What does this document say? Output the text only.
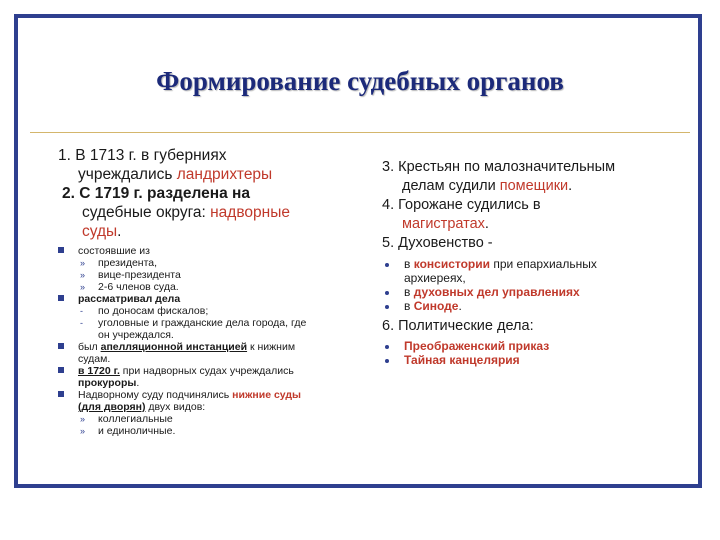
Формирование судебных органов
1. В 1713 г. в губерниях
учреждались ландрихтеры
2. С 1719 г. разделена на
судебные округа: надворные
суды.
состоявшие из
» президента,
» вице-президента
» 2-6 членов суда.
рассматривал дела
- по доносам фискалов;
- уголовные и гражданские дела города, где
он учреждался.
был апелляционной инстанцией к нижним
судам.
в 1720 г. при надворных судах учреждались
прокуроры.
Надворному суду подчинялись нижние суды
(для дворян) двух видов:
» коллегиальные
» и единоличные.
3. Крестьян по малозначительным
делам судили помещики.
4. Горожане судились в
магистратах.
5. Духовенство -
в консистории при епархиальных
архиереях,
в духовных дел управлениях
в Синоде.
6. Политические дела:
Преображенский приказ
Тайная канцелярия
